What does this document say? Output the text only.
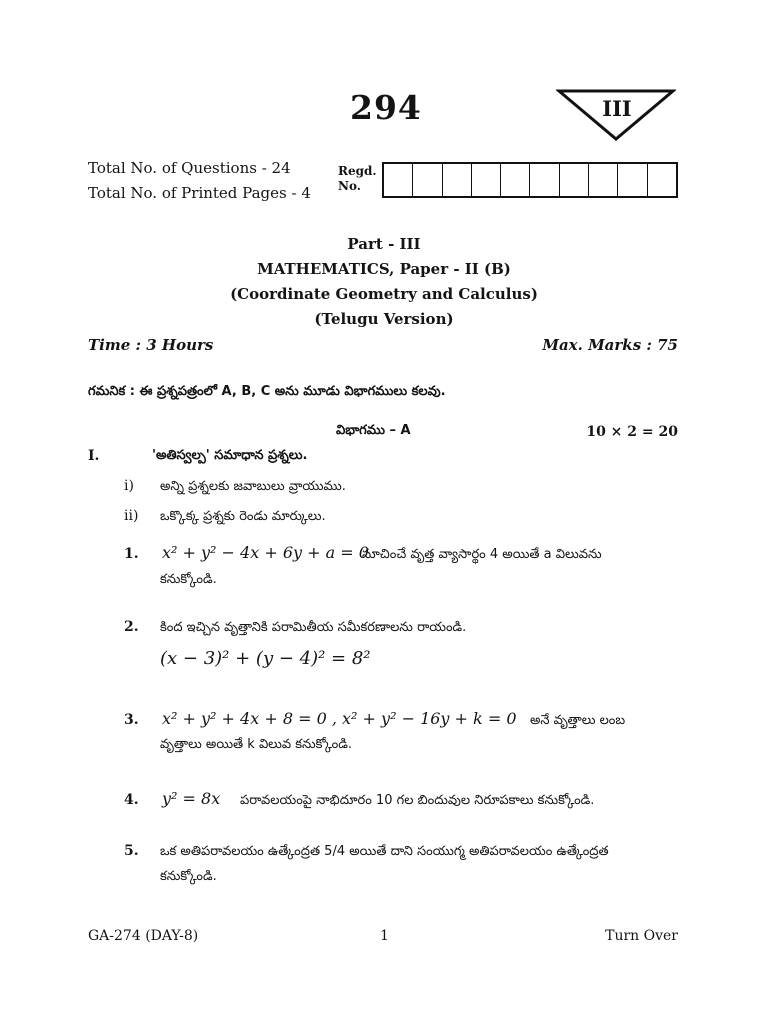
294	III
Total No. of Questions - 24
Total No. of Printed Pages - 4
Regd.
No.
Part - III
MATHEMATICS, Paper - II (B)
(Coordinate Geometry and Calculus)
(Telugu Version)
Time : 3 Hours	Max. Marks : 75
గమనిక : ఈ ప్రశ్నపత్రంలో A, B, C అను మూడు విభాగములు కలవు.
విభాగము – A	10 × 2 = 20
I.	'అతిస్వల్ప' సమాధాన ప్రశ్నలు.
i) అన్ని ప్రశ్నలకు జవాబులు వ్రాయుము.
ii) ఒక్కొక్క ప్రశ్నకు రెండు మార్కులు.
1. x² + y² − 4x + 6y + a = 0
సూచించే వృత్త వ్యాసార్థం 4 అయితే a విలువను
కనుక్కోండి.
2. కింద ఇచ్చిన వృత్తానికి పరామితీయ సమీకరణాలను రాయండి.
(x − 3)² + (y − 4)² = 8²
3. x² + y² + 4x + 8 = 0 , x² + y² − 16y + k = 0 అనే వృత్తాలు లంబ
వృత్తాలు అయితే k విలువ కనుక్కోండి.
4. y² = 8x పరావలయంపై నాభిదూరం 10 గల బిందువుల నిరూపకాలు కనుక్కోండి.
5. ఒక అతిపరావలయం ఉత్కేంద్రత 5/4 అయితే దాని సంయుగ్మ అతిపరావలయం ఉత్కేంద్రత
కనుక్కోండి.
GA-274 (DAY-8)	1	Turn Over
